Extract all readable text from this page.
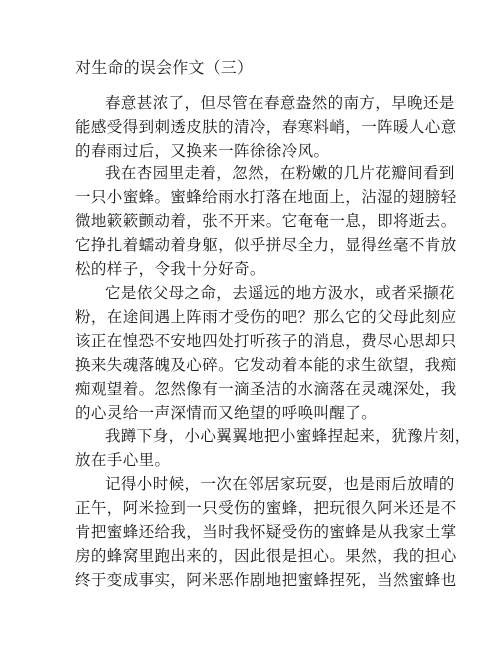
对生命的误会作文（三）
春意甚浓了，但尽管在春意盎然的南方，早晚还是
能感受得到刺透皮肤的清冷，春寒料峭，一阵暖人心意
的春雨过后，又换来一阵徐徐冷风。
我在杏园里走着，忽然，在粉嫩的几片花瓣间看到
一只小蜜蜂。蜜蜂给雨水打落在地面上，沾湿的翅膀轻
微地簌簌颤动着，张不开来。它奄奄一息，即将逝去。
它挣扎着蠕动着身躯，似乎拼尽全力，显得丝毫不肯放
松的样子，令我十分好奇。
它是依父母之命，去遥远的地方汲水，或者采撷花
粉，在途间遇上阵雨才受伤的吧？那么它的父母此刻应
该正在惶恐不安地四处打听孩子的消息，费尽心思却只
换来失魂落魄及心碎。它发动着本能的求生欲望，我痴
痴观望着。忽然像有一滴圣洁的水滴落在灵魂深处，我
的心灵给一声深情而又绝望的呼唤叫醒了。
我蹲下身，小心翼翼地把小蜜蜂捏起来，犹豫片刻，
放在手心里。
记得小时候，一次在邻居家玩耍，也是雨后放晴的
正午，阿米捡到一只受伤的蜜蜂，把玩很久阿米还是不
肯把蜜蜂还给我，当时我怀疑受伤的蜜蜂是从我家土掌
房的蜂窝里跑出来的，因此很是担心。果然，我的担心
终于变成事实，阿米恶作剧地把蜜蜂捏死，当然蜜蜂也
